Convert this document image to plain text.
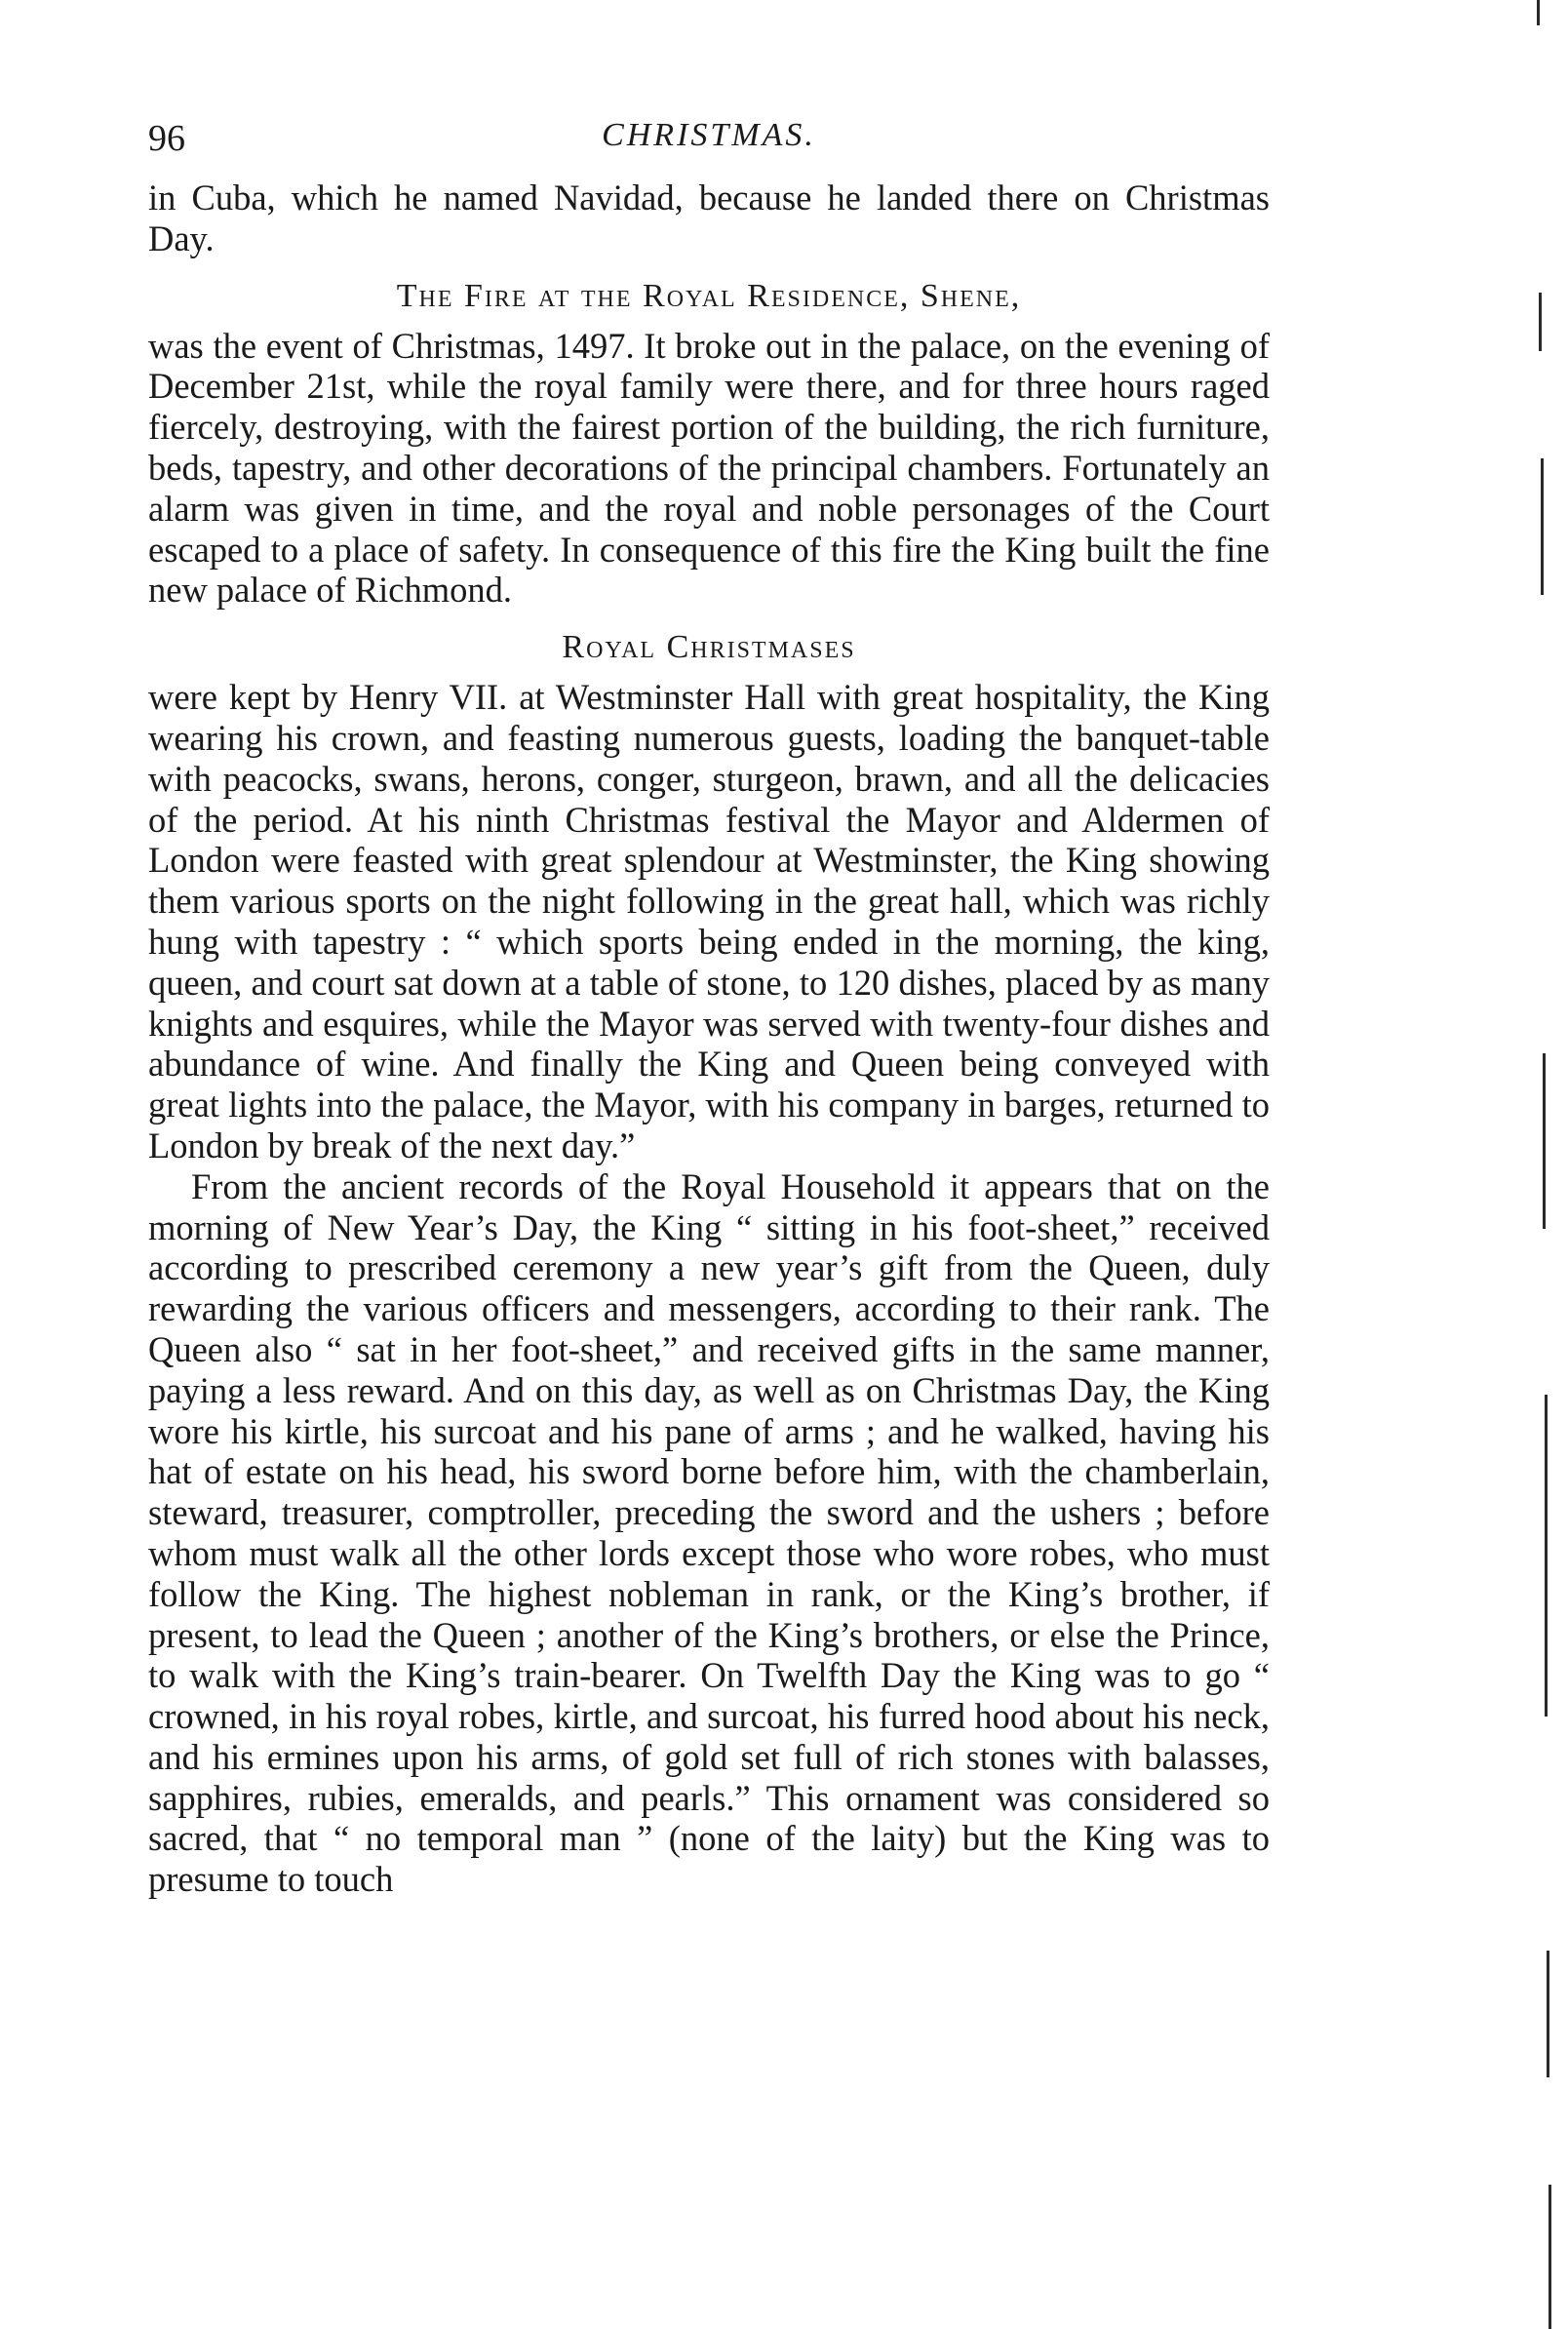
96	CHRISTMAS.

in Cuba, which he named Navidad, because he landed there on Christmas Day.

The Fire at the Royal Residence, Shene,

was the event of Christmas, 1497. It broke out in the palace, on the evening of December 21st, while the royal family were there, and for three hours raged fiercely, destroying, with the fairest portion of the building, the rich furniture, beds, tapestry, and other decorations of the principal chambers. Fortunately an alarm was given in time, and the royal and noble personages of the Court escaped to a place of safety. In consequence of this fire the King built the fine new palace of Richmond.

Royal Christmases

were kept by Henry VII. at Westminster Hall with great hospitality, the King wearing his crown, and feasting numerous guests, loading the banquet-table with peacocks, swans, herons, conger, sturgeon, brawn, and all the delicacies of the period. At his ninth Christmas festival the Mayor and Aldermen of London were feasted with great splendour at Westminster, the King showing them various sports on the night following in the great hall, which was richly hung with tapestry : “ which sports being ended in the morning, the king, queen, and court sat down at a table of stone, to 120 dishes, placed by as many knights and esquires, while the Mayor was served with twenty-four dishes and abundance of wine. And finally the King and Queen being conveyed with great lights into the palace, the Mayor, with his company in barges, returned to London by break of the next day.”

From the ancient records of the Royal Household it appears that on the morning of New Year’s Day, the King “ sitting in his foot-sheet,” received according to prescribed ceremony a new year’s gift from the Queen, duly rewarding the various officers and messengers, according to their rank. The Queen also “ sat in her foot-sheet,” and received gifts in the same manner, paying a less reward. And on this day, as well as on Christmas Day, the King wore his kirtle, his surcoat and his pane of arms ; and he walked, having his hat of estate on his head, his sword borne before him, with the chamberlain, steward, treasurer, comptroller, preceding the sword and the ushers ; before whom must walk all the other lords except those who wore robes, who must follow the King. The highest nobleman in rank, or the King’s brother, if present, to lead the Queen ; another of the King’s brothers, or else the Prince, to walk with the King’s train-bearer. On Twelfth Day the King was to go “ crowned, in his royal robes, kirtle, and surcoat, his furred hood about his neck, and his ermines upon his arms, of gold set full of rich stones with balasses, sapphires, rubies, emeralds, and pearls.” This ornament was considered so sacred, that “ no temporal man ” (none of the laity) but the King was to presume to touch
